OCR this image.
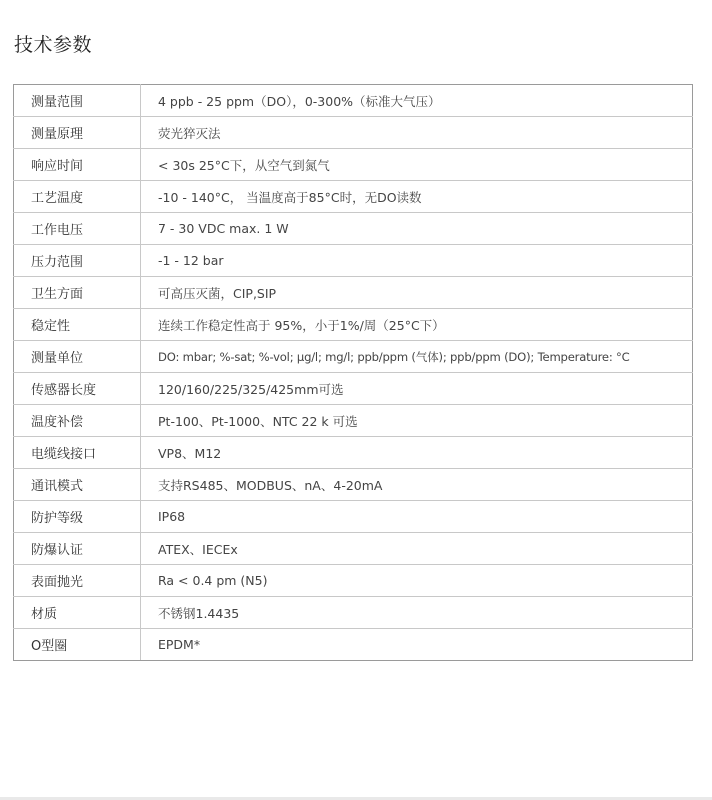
技术参数
测量范围	4 ppb - 25 ppm（DO），0-300%（标准大气压）
测量原理	荧光猝灭法
响应时间	< 30s 25°C下，从空气到氮气
工艺温度	-10 - 140°C， 当温度高于85°C时，无DO读数
工作电压	7 - 30 VDC max. 1 W
压力范围	-1 - 12 bar
卫生方面	可高压灭菌，CIP,SIP
稳定性	连续工作稳定性高于 95%，小于1%/周（25°C下）
测量单位	DO: mbar; %-sat; %-vol; μg/l; mg/l; ppb/ppm (气体); ppb/ppm (DO); Temperature: °C
传感器长度	120/160/225/325/425mm可选
温度补偿	Pt-100、Pt-1000、NTC 22 k 可选
电缆线接口	VP8、M12
通讯模式	支持RS485、MODBUS、nA、4-20mA
防护等级	IP68
防爆认证	ATEX、IECEx
表面抛光	Ra < 0.4 pm (N5)
材质	不锈钢1.4435
O型圈	EPDM*
